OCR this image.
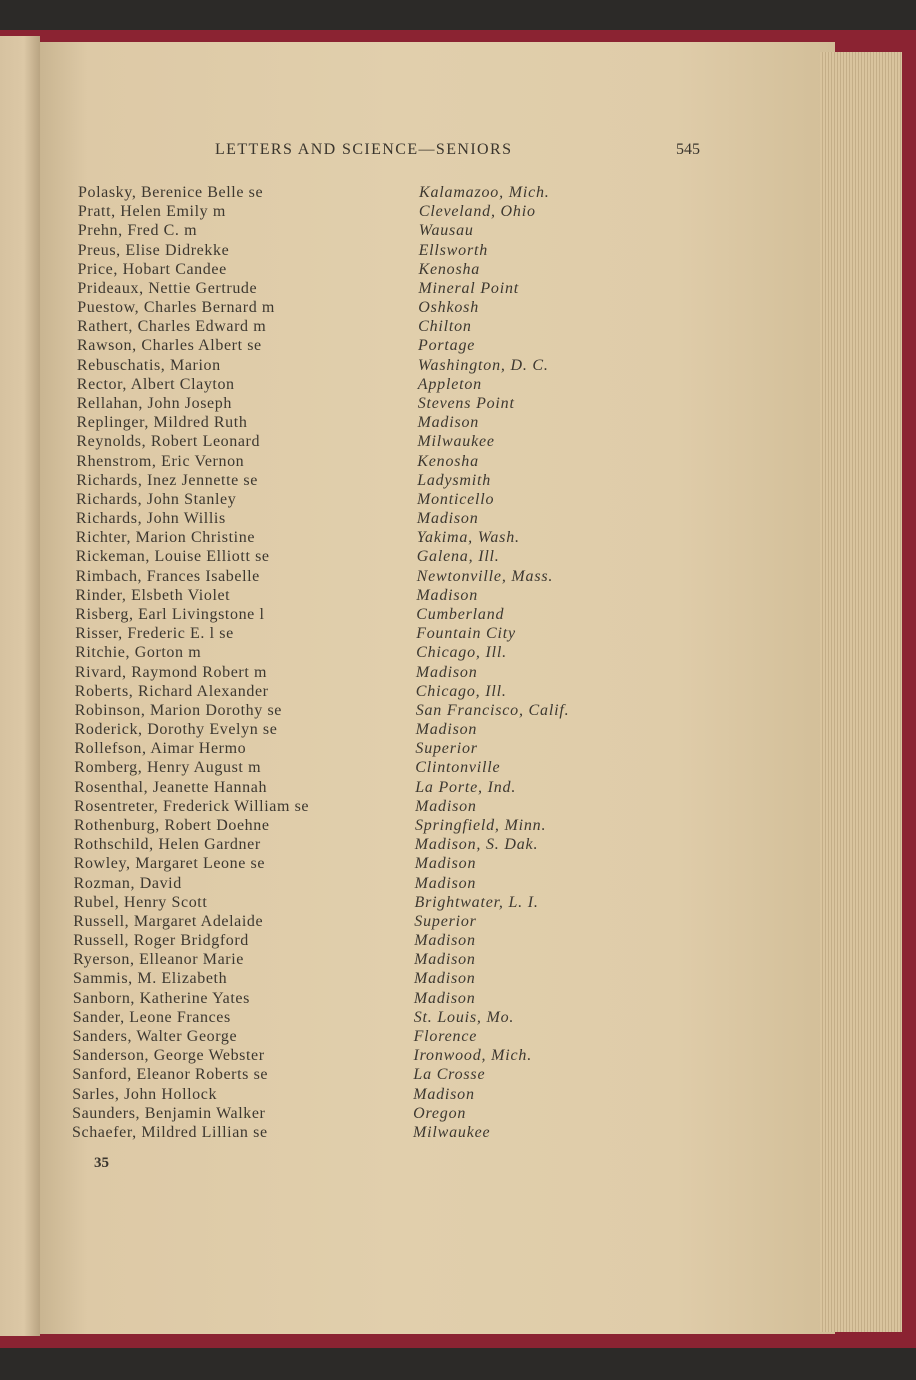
LETTERS AND SCIENCE—SENIORS	545
Polasky, Berenice Belle se	Kalamazoo, Mich.
Pratt, Helen Emily m	Cleveland, Ohio
Prehn, Fred C. m	Wausau
Preus, Elise Didrekke	Ellsworth
Price, Hobart Candee	Kenosha
Prideaux, Nettie Gertrude	Mineral Point
Puestow, Charles Bernard m	Oshkosh
Rathert, Charles Edward m	Chilton
Rawson, Charles Albert se	Portage
Rebuschatis, Marion	Washington, D. C.
Rector, Albert Clayton	Appleton
Rellahan, John Joseph	Stevens Point
Replinger, Mildred Ruth	Madison
Reynolds, Robert Leonard	Milwaukee
Rhenstrom, Eric Vernon	Kenosha
Richards, Inez Jennette se	Ladysmith
Richards, John Stanley	Monticello
Richards, John Willis	Madison
Richter, Marion Christine	Yakima, Wash.
Rickeman, Louise Elliott se	Galena, Ill.
Rimbach, Frances Isabelle	Newtonville, Mass.
Rinder, Elsbeth Violet	Madison
Risberg, Earl Livingstone l	Cumberland
Risser, Frederic E. l se	Fountain City
Ritchie, Gorton m	Chicago, Ill.
Rivard, Raymond Robert m	Madison
Roberts, Richard Alexander	Chicago, Ill.
Robinson, Marion Dorothy se	San Francisco, Calif.
Roderick, Dorothy Evelyn se	Madison
Rollefson, Aimar Hermo	Superior
Romberg, Henry August m	Clintonville
Rosenthal, Jeanette Hannah	La Porte, Ind.
Rosentreter, Frederick William se	Madison
Rothenburg, Robert Doehne	Springfield, Minn.
Rothschild, Helen Gardner	Madison, S. Dak.
Rowley, Margaret Leone se	Madison
Rozman, David	Madison
Rubel, Henry Scott	Brightwater, L. I.
Russell, Margaret Adelaide	Superior
Russell, Roger Bridgford	Madison
Ryerson, Elleanor Marie	Madison
Sammis, M. Elizabeth	Madison
Sanborn, Katherine Yates	Madison
Sander, Leone Frances	St. Louis, Mo.
Sanders, Walter George	Florence
Sanderson, George Webster	Ironwood, Mich.
Sanford, Eleanor Roberts se	La Crosse
Sarles, John Hollock	Madison
Saunders, Benjamin Walker	Oregon
Schaefer, Mildred Lillian se	Milwaukee
35
